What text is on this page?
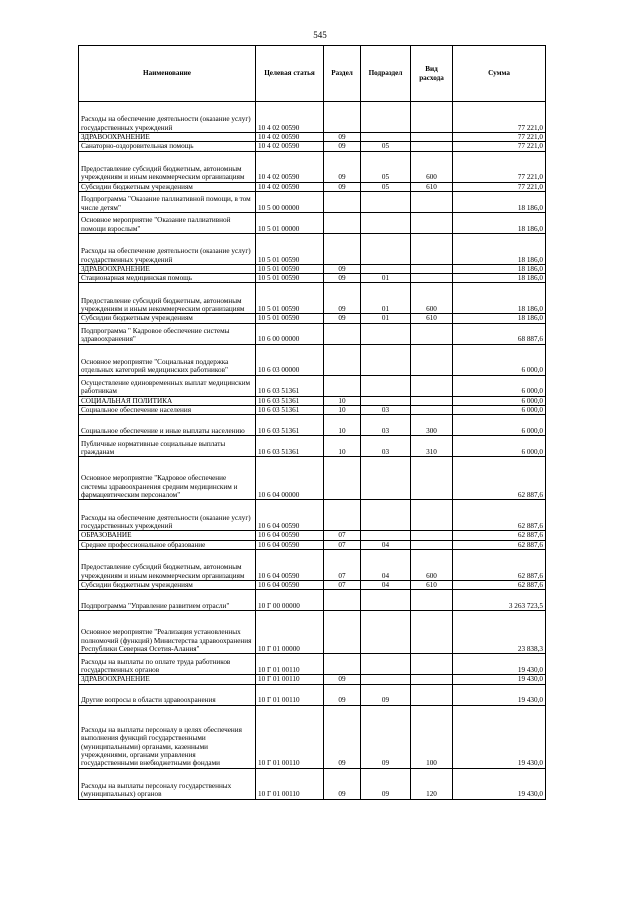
545
Наименование	Целевая статья	Раздел	Подраздел	Вид расхода	Сумма
Расходы на обеспечение деятельности (оказание услуг) государственных учреждений	10 4 02 00590				77 221,0
ЗДРАВООХРАНЕНИЕ	10 4 02 00590	09			77 221,0
Санаторно-оздоровительная помощь	10 4 02 00590	09	05		77 221,0
Предоставление субсидий бюджетным, автономным учреждениям и иным некоммерческим организациям	10 4 02 00590	09	05	600	77 221,0
Субсидии бюджетным учреждениям	10 4 02 00590	09	05	610	77 221,0
Подпрограмма "Оказание паллиативной помощи, в том числе детям"	10 5 00 00000				18 186,0
Основное мероприятие "Оказание паллиативной помощи взрослым"	10 5 01 00000				18 186,0
Расходы на обеспечение деятельности (оказание услуг) государственных учреждений	10 5 01 00590				18 186,0
ЗДРАВООХРАНЕНИЕ	10 5 01 00590	09			18 186,0
Стационарная медицинская помощь	10 5 01 00590	09	01		18 186,0
Предоставление субсидий бюджетным, автономным учреждениям и иным некоммерческим организациям	10 5 01 00590	09	01	600	18 186,0
Субсидии бюджетным учреждениям	10 5 01 00590	09	01	610	18 186,0
Подпрограмма " Кадровое обеспечение системы здравоохранения"	10 6 00 00000				68 887,6
Основное мероприятие "Социальная поддержка отдельных категорий медицинских работников"	10 6 03 00000				6 000,0
Осуществление единовременных выплат медицинским работникам	10 6 03 51361				6 000,0
СОЦИАЛЬНАЯ ПОЛИТИКА	10 6 03 51361	10			6 000,0
Социальное обеспечение населения	10 6 03 51361	10	03		6 000,0
Социальное обеспечение и иные выплаты населению	10 6 03 51361	10	03	300	6 000,0
Публичные нормативные социальные выплаты гражданам	10 6 03 51361	10	03	310	6 000,0
Основное мероприятие "Кадровое обеспечение системы здравоохранения средним медицинским и фармацевтическим персоналом"	10 6 04 00000				62 887,6
Расходы на обеспечение деятельности (оказание услуг) государственных учреждений	10 6 04 00590				62 887,6
ОБРАЗОВАНИЕ	10 6 04 00590	07			62 887,6
Среднее профессиональное образование	10 6 04 00590	07	04		62 887,6
Предоставление субсидий бюджетным, автономным учреждениям и иным некоммерческим организациям	10 6 04 00590	07	04	600	62 887,6
Субсидии бюджетным учреждениям	10 6 04 00590	07	04	610	62 887,6
Подпрограмма "Управление развитием отрасли"	10 Г 00 00000				3 263 723,5
Основное мероприятие "Реализация установленных полномочий (функций) Министерства здравоохранения Республики Северная Осетия-Алания"	10 Г 01 00000				23 838,3
Расходы на выплаты по оплате труда работников государственных органов	10 Г 01 00110				19 430,0
ЗДРАВООХРАНЕНИЕ	10 Г 01 00110	09			19 430,0
Другие вопросы в области здравоохранения	10 Г 01 00110	09	09		19 430,0
Расходы на выплаты персоналу в целях обеспечения выполнения функций государственными (муниципальными) органами, казенными учреждениями, органами управления государственными внебюджетными фондами	10 Г 01 00110	09	09	100	19 430,0
Расходы на выплаты персоналу государственных (муниципальных) органов	10 Г 01 00110	09	09	120	19 430,0
